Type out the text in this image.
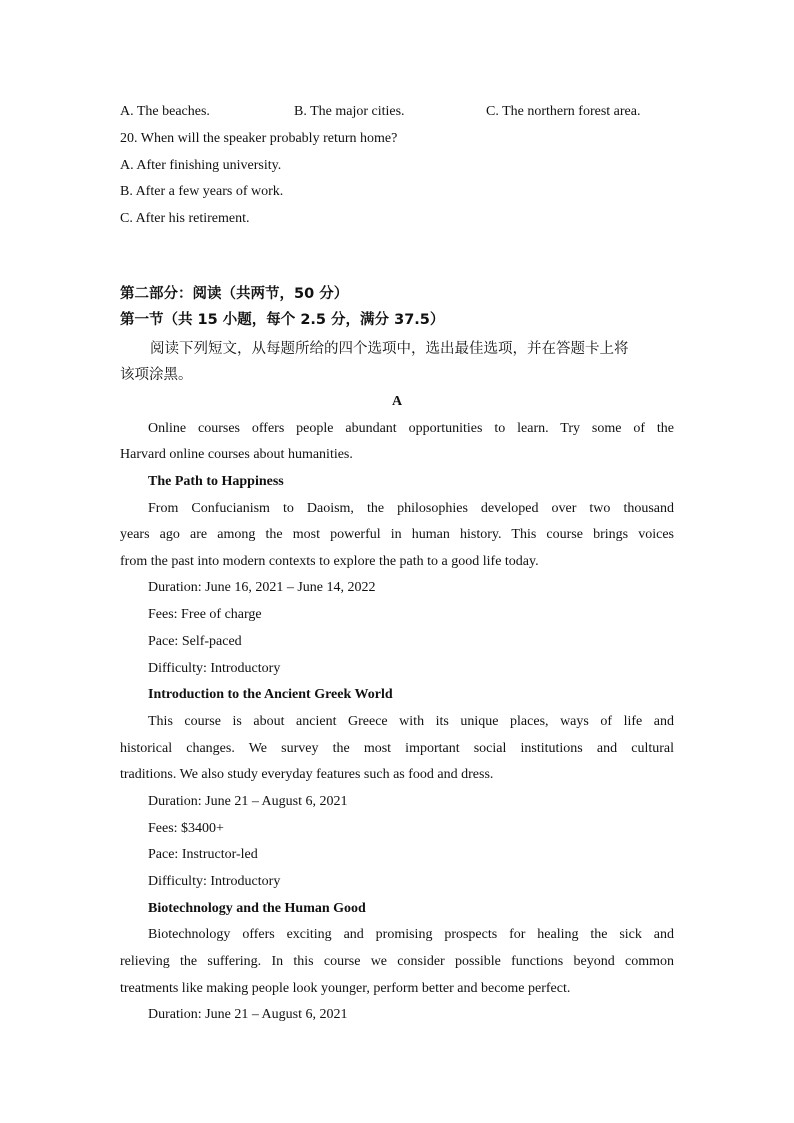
A. The beaches.	B. The major cities.	C. The northern forest area.
20. When will the speaker probably return home?
A. After finishing university.
B. After a few years of work.
C. After his retirement.
第二部分：阅读（共两节，50 分）
第一节（共 15 小题，每个 2.5 分，满分 37.5）
阅读下列短文，从每题所给的四个选项中，选出最佳选项，并在答题卡上将
该项涂黑。
A
Online courses offers people abundant opportunities to learn. Try some of the
Harvard online courses about humanities.
The Path to Happiness
From Confucianism to Daoism, the philosophies developed over two thousand
years ago are among the most powerful in human history. This course brings voices
from the past into modern contexts to explore the path to a good life today.
Duration: June 16, 2021 – June 14, 2022
Fees: Free of charge
Pace: Self-paced
Difficulty: Introductory
Introduction to the Ancient Greek World
This course is about ancient Greece with its unique places, ways of life and
historical changes. We survey the most important social institutions and cultural
traditions. We also study everyday features such as food and dress.
Duration: June 21 – August 6, 2021
Fees: $3400+
Pace: Instructor-led
Difficulty: Introductory
Biotechnology and the Human Good
Biotechnology offers exciting and promising prospects for healing the sick and
relieving the suffering. In this course we consider possible functions beyond common
treatments like making people look younger, perform better and become perfect.
Duration: June 21 – August 6, 2021
